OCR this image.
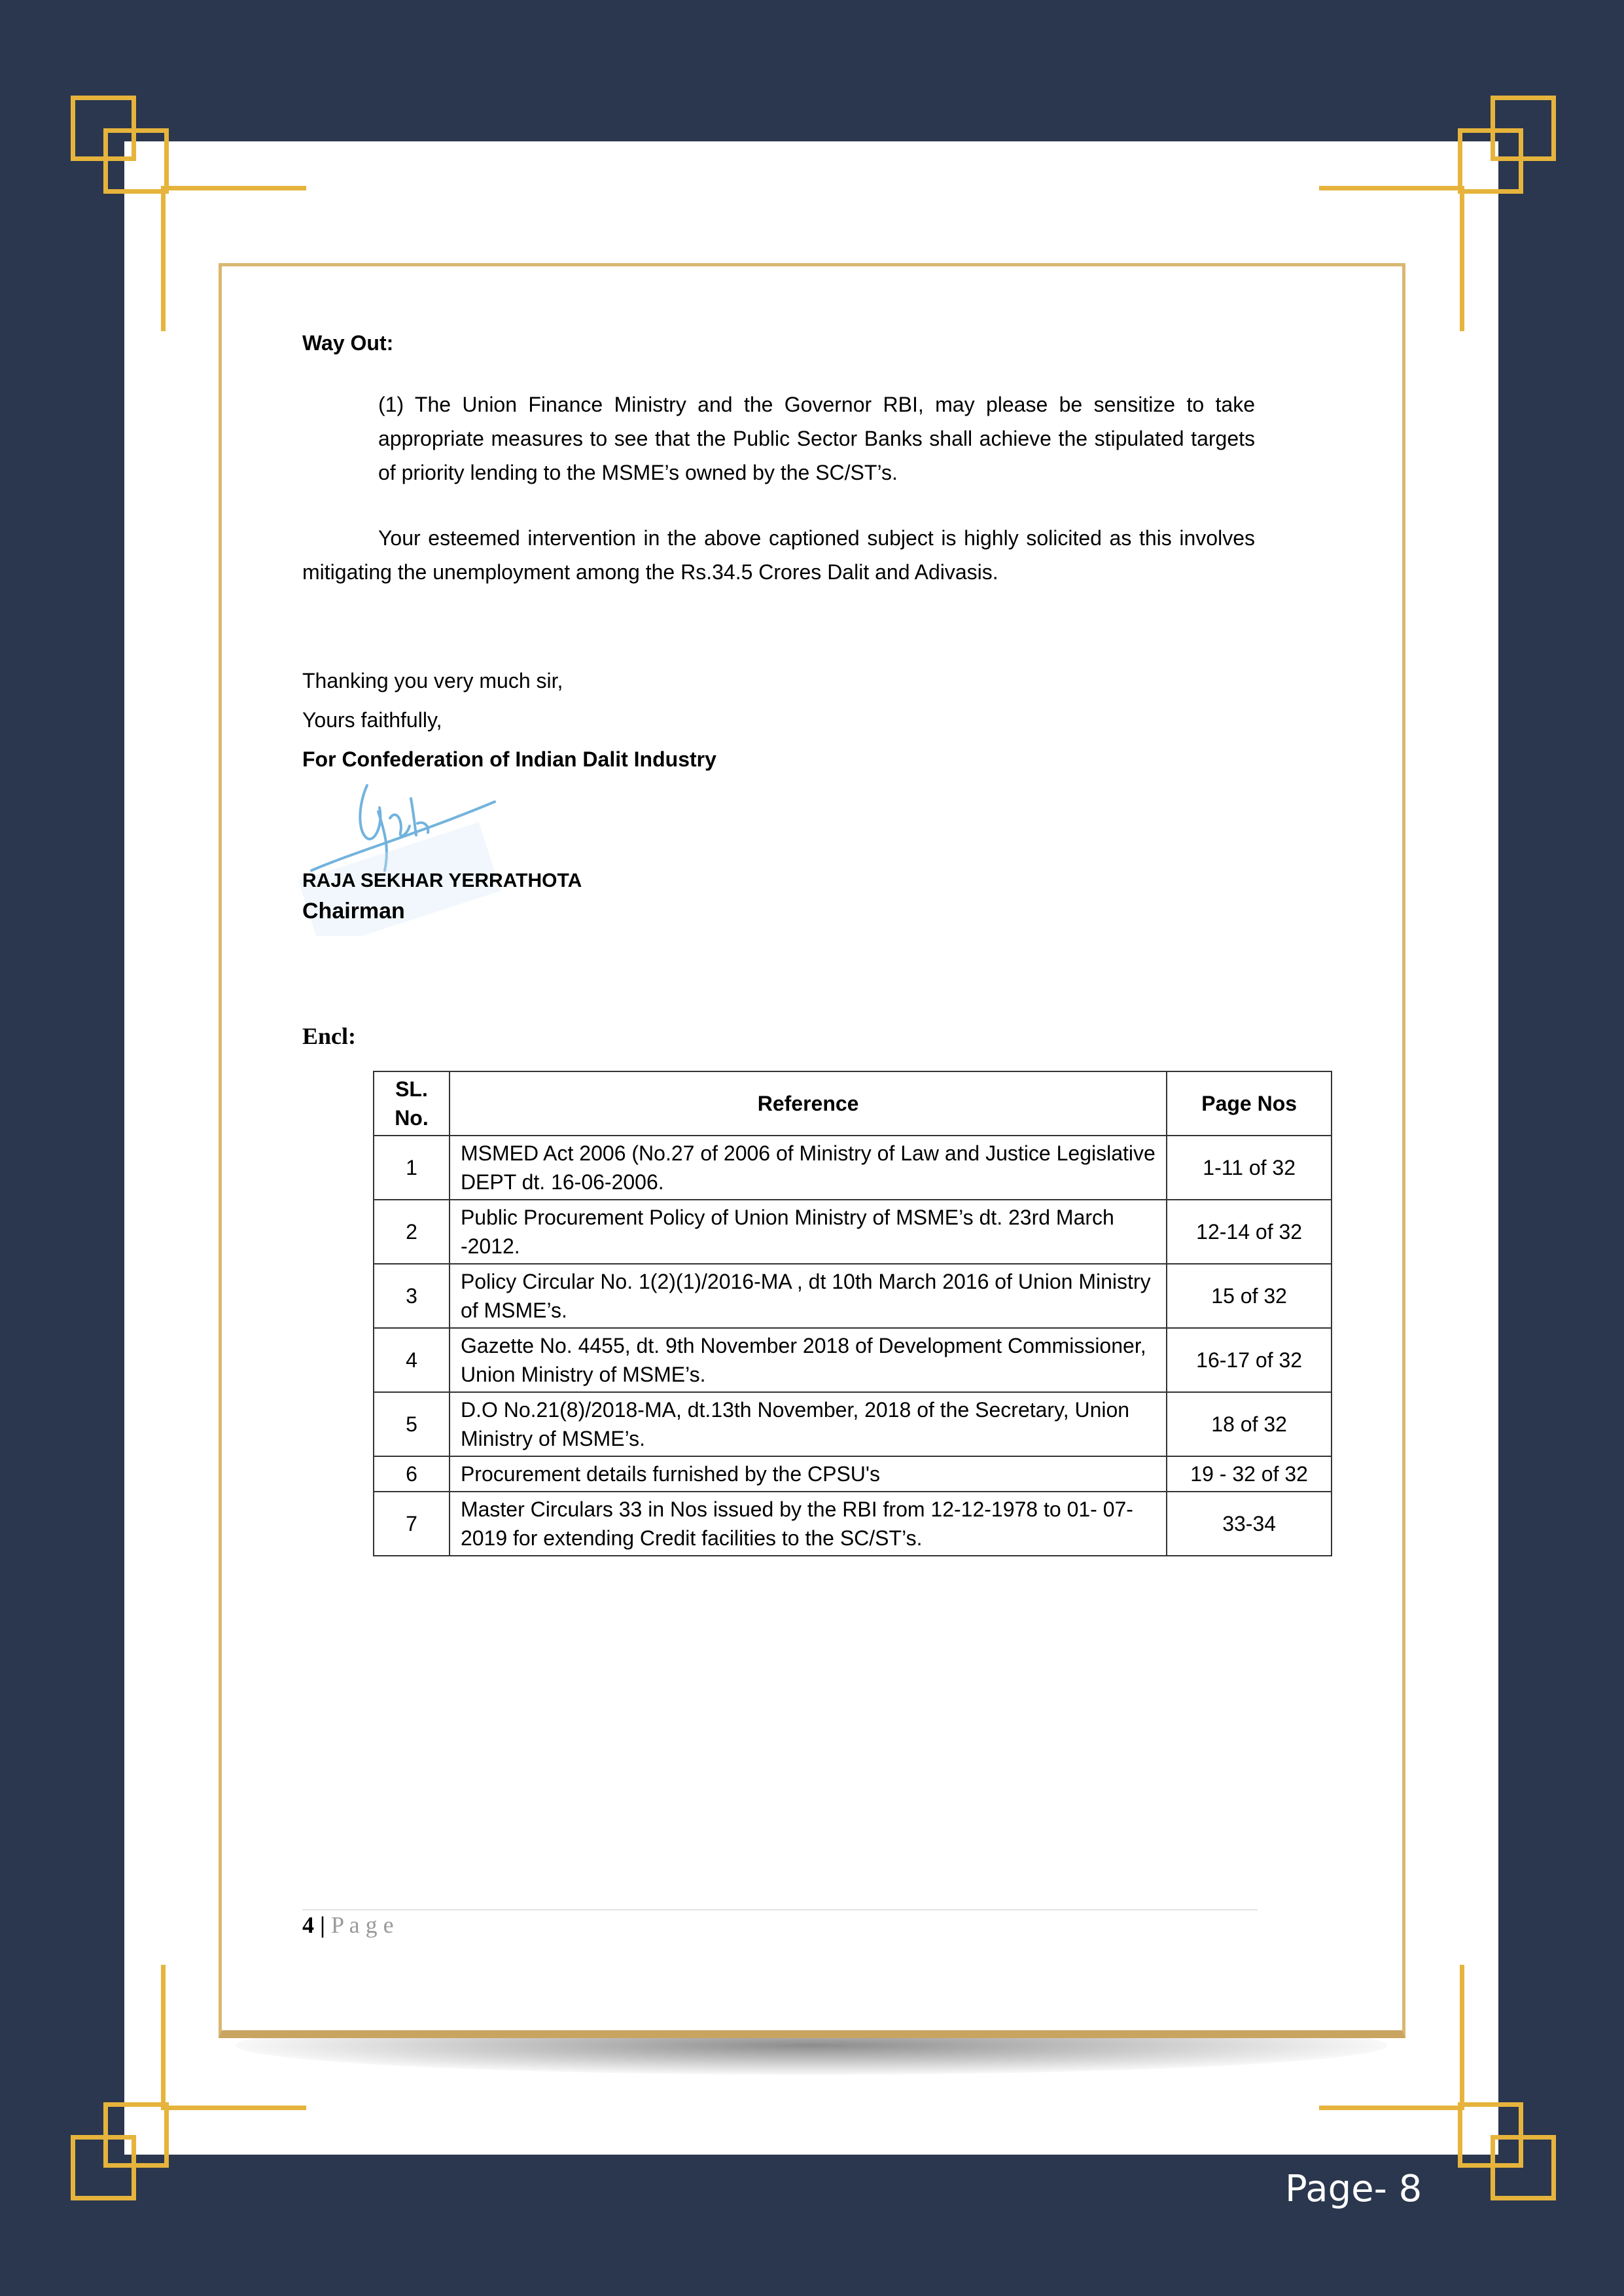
Way Out:
(1) The Union Finance Ministry and the Governor RBI, may please be sensitize to take appropriate measures to see that the Public Sector Banks shall achieve the stipulated targets of priority lending to the MSME’s owned by the SC/ST’s.
Your esteemed intervention in the above captioned subject is highly solicited as this involves mitigating the unemployment among the Rs.34.5 Crores Dalit and Adivasis.
Thanking you very much sir,
Yours faithfully,
For Confederation of Indian Dalit Industry
RAJA SEKHAR YERRATHOTA
Chairman
Encl:
SL. No.	Reference	Page Nos
1	MSMED Act 2006 (No.27 of 2006 of Ministry of Law and Justice Legislative DEPT dt. 16-06-2006.	1-11 of 32
2	Public Procurement Policy of Union Ministry of MSME’s dt. 23rd March -2012.	12-14 of 32
3	Policy Circular No. 1(2)(1)/2016-MA , dt 10th March 2016 of Union Ministry of MSME’s.	15 of 32
4	Gazette No. 4455, dt. 9th November 2018 of Development Commissioner, Union Ministry of MSME’s.	16-17 of 32
5	D.O No.21(8)/2018-MA, dt.13th November, 2018 of the Secretary, Union Ministry of MSME’s.	18 of 32
6	Procurement details furnished by the CPSU's	19 - 32 of 32
7	Master Circulars 33 in Nos issued by the RBI from 12-12-1978 to 01- 07-2019 for extending Credit facilities to the SC/ST’s.	33-34
4 | P a g e
Page- 8
